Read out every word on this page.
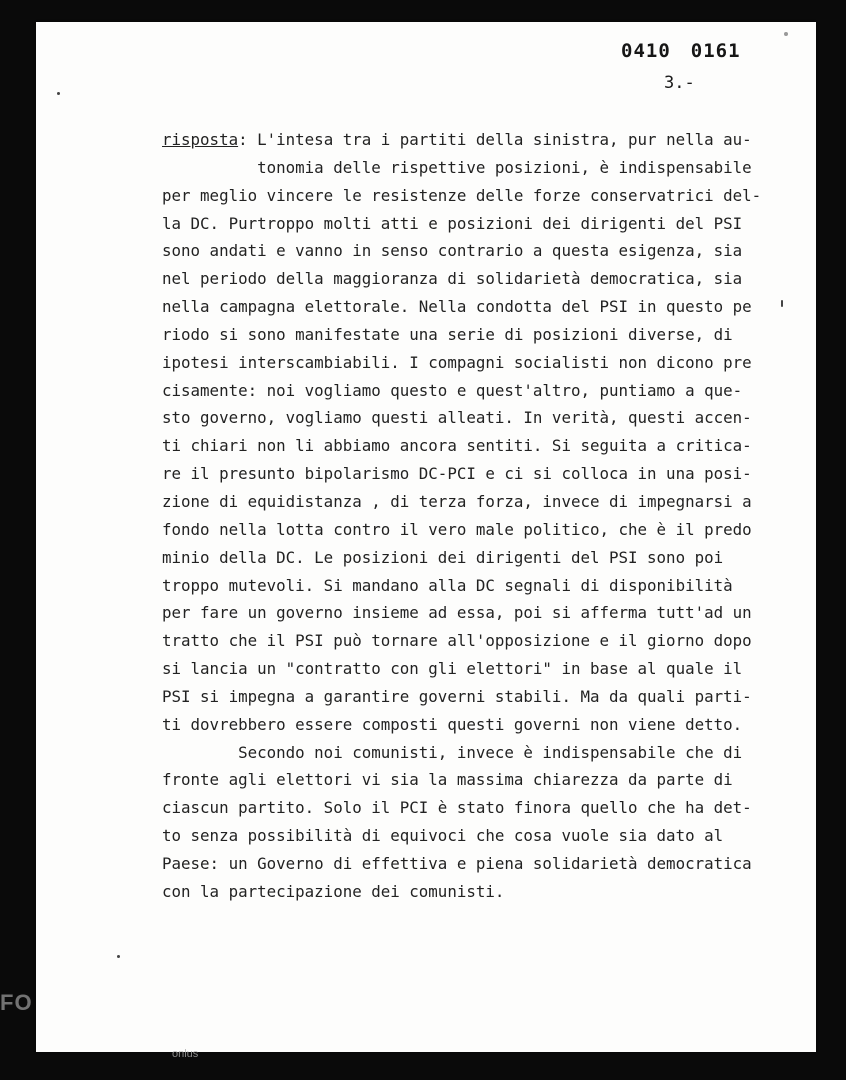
0410 0161
3.-
risposta: L'intesa tra i partiti della sinistra, pur nella au-
tonomia delle rispettive posizioni, è indispensabile
per meglio vincere le resistenze delle forze conservatrici del-
la DC. Purtroppo molti atti e posizioni dei dirigenti del PSI
sono andati e vanno in senso contrario a questa esigenza, sia
nel periodo della maggioranza di solidarietà democratica, sia
nella campagna elettorale. Nella condotta del PSI in questo pe
riodo si sono manifestate una serie di posizioni diverse, di
ipotesi interscambiabili. I compagni socialisti non dicono pre
cisamente: noi vogliamo questo e quest'altro, puntiamo a que-
sto governo, vogliamo questi alleati. In verità, questi accen-
ti chiari non li abbiamo ancora sentiti. Si seguita a critica-
re il presunto bipolarismo DC-PCI e ci si colloca in una posi-
zione di equidistanza , di terza forza, invece di impegnarsi a
fondo nella lotta contro il vero male politico, che è il predo
minio della DC. Le posizioni dei dirigenti del PSI sono poi
troppo mutevoli. Si mandano alla DC segnali di disponibilità
per fare un governo insieme ad essa, poi si afferma tutt'ad un
tratto che il PSI può tornare all'opposizione e il giorno dopo
si lancia un "contratto con gli elettori" in base al quale il
PSI si impegna a garantire governi stabili. Ma da quali parti-
ti dovrebbero essere composti questi governi non viene detto.
Secondo noi comunisti, invece è indispensabile che di
fronte agli elettori vi sia la massima chiarezza da parte di
ciascun partito. Solo il PCI è stato finora quello che ha det-
to senza possibilità di equivoci che cosa vuole sia dato al
Paese: un Governo di effettiva e piena solidarietà democratica
con la partecipazione dei comunisti.
FO
onlus
